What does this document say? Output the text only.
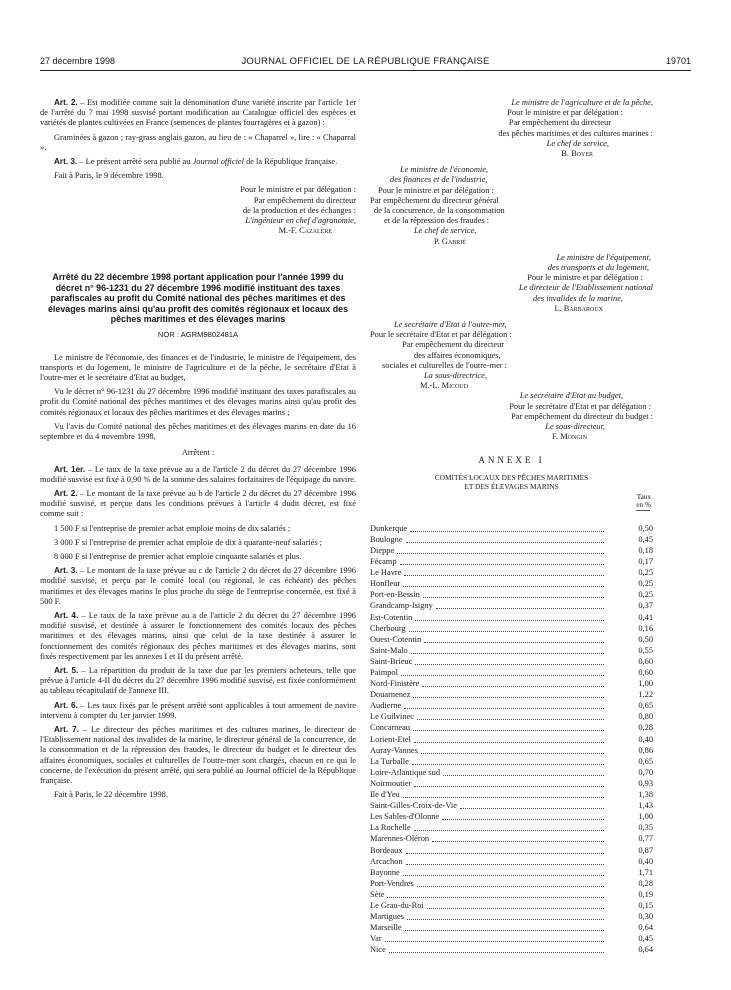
27 décembre 1998	JOURNAL OFFICIEL DE LA RÉPUBLIQUE FRANÇAISE	19701

Art. 2. – Est modifiée comme suit la dénomination d'une variété inscrite par l'article 1er de l'arrêté du 7 mai 1998 susvisé portant modification au Catalogue officiel des espèces et variétés de plantes cultivées en France (semences de plantes fourragères et à gazon) :

Graminées à gazon ; ray-grass anglais gazon, au lieu de : « Chaparrel », lire : « Chaparral ».

Art. 3. – Le présent arrêté sera publié au Journal officiel de la République française.

Fait à Paris, le 9 décembre 1998.

Pour le ministre et par délégation :
Par empêchement du directeur
de la production et des échanges :
L'ingénieur en chef d'agronomie,
M.-F. Cazalère
Arrêté du 22 décembre 1998 portant application pour l'année 1999 du décret n° 96-1231 du 27 décembre 1996 modifié instituant des taxes parafiscales au profit du Comité national des pêches maritimes et des élevages marins ainsi qu'au profit des comités régionaux et locaux des pêches maritimes et des élevages marins
NOR : AGRM9802481A

Le ministre de l'économie, des finances et de l'industrie, le ministre de l'équipement, des transports et du logement, le ministre de l'agriculture et de la pêche, le secrétaire d'Etat à l'outre-mer et le secrétaire d'Etat au budget,

Vu le décret n° 96-1231 du 27 décembre 1996 modifié instituant des taxes parafiscales au profit du Comité national des pêches maritimes et des élevages marins ainsi qu'au profit des comités régionaux et locaux des pêches maritimes et des élevages marins ;

Vu l'avis du Comité national des pêches maritimes et des élevages marins en date du 16 septembre et du 4 novembre 1998,

Arrêtent :

Art. 1er. – Le taux de la taxe prévue au a de l'article 2 du décret du 27 décembre 1996 modifié susvisé est fixé à 0,90 % de la somme des salaires forfaitaires de l'équipage du navire.

Art. 2. – Le montant de la taxe prévue au b de l'article 2 du décret du 27 décembre 1996 modifié susvisé, et perçue dans les conditions prévues à l'article 4 dudit décret, est fixé comme suit :

1 500 F si l'entreprise de premier achat emploie moins de dix salariés ;

3 000 F si l'entreprise de premier achat emploie de dix à quarante-neuf salariés ;

8 000 F si l'entreprise de premier achat emploie cinquante salariés et plus.

Art. 3. – Le montant de la taxe prévue au c de l'article 2 du décret du 27 décembre 1996 modifié susvisé, et perçu par le comité local (ou régional, le cas échéant) des pêches maritimes et des élevages marins le plus proche du siège de l'entreprise concernée, est fixé à 500 F.

Art. 4. – Le taux de la taxe prévue au a de l'article 2 du décret du 27 décembre 1996 modifié susvisé, et destinée à assurer le fonctionnement des comités locaux des pêches maritimes et des élevages marins, ainsi que celui de la taxe destinée à assurer le fonctionnement des comités régionaux des pêches maritimes et des élevages marins, sont fixés respectivement par les annexes I et II du présent arrêté.

Art. 5. – La répartition du produit de la taxe due par les premiers acheteurs, telle que prévue à l'article 4-II du décret du 27 décembre 1996 modifié susvisé, est fixée conformément au tableau récapitulatif de l'annexe III.

Art. 6. – Les taux fixés par le présent arrêté sont applicables à tout armement de navire intervenu à compter du 1er janvier 1999.

Art. 7. – Le directeur des pêches maritimes et des cultures marines, le directeur de l'Etablissement national des invalides de la marine, le directeur général de la concurrence, de la consommation et de la répression des fraudes, le directeur du budget et le directeur des affaires économiques, sociales et culturelles de l'outre-mer sont chargés, chacun en ce qui le concerne, de l'exécution du présent arrêté, qui sera publié au Journal officiel de la République française.

Fait à Paris, le 22 décembre 1998.

Le ministre de l'agriculture et de la pêche,
Pour le ministre et par délégation :
Par empêchement du directeur
des pêches maritimes et des cultures marines :
Le chef de service,
B. Boyer
Le ministre de l'économie,
des finances et de l'industrie,
Pour le ministre et par délégation :
Par empêchement du directeur général
de la concurrence, de la consommation
et de la répression des fraudes :
Le chef de service,
P. Gabrié
Le ministre de l'équipement,
des transports et du logement,
Pour le ministre et par délégation :
Le directeur de l'Etablissement national
des invalides de la marine,
L. Barbaroux
Le secrétaire d'Etat à l'outre-mer,
Pour le secrétaire d'Etat et par délégation :
Par empêchement du directeur
des affaires économiques,
sociales et culturelles de l'outre-mer :
La sous-directrice,
M.-L. Micoud
Le secrétaire d'Etat au budget,
Pour le secrétaire d'Etat et par délégation :
Par empêchement du directeur du budget :
Le sous-directeur,
F. Mongin
ANNEXE I
COMITÉS LOCAUX DES PÊCHES MARITIMES
ET DES ÉLEVAGES MARINS
Taux
en %
Dunkerque	0,50
Boulogne	0,45
Dieppe	0,18
Fécamp	0,17
Le Havre	0,25
Honfleur	0,25
Port-en-Bessin	0,25
Grandcamp-Isigny	0,37
Est-Cotentin	0,41
Cherbourg	0,16
Ouest-Cotentin	0,50
Saint-Malo	0,55
Saint-Brieuc	0,60
Paimpol	0,60
Nord-Finistère	1,00
Douarnenez	1,22
Audierne	0,65
Le Guilvinec	0,80
Concarneau	0,28
Lorient-Etel	0,40
Auray-Vannes	0,86
La Turballe	0,65
Loire-Atlantique sud	0,70
Noirmoutier	0,93
Ile d'Yeu	1,38
Saint-Gilles-Croix-de-Vie	1,43
Les Sables-d'Olonne	1,00
La Rochelle	0,35
Marennes-Oléron	0,77
Bordeaux	0,87
Arcachon	0,40
Bayonne	1,71
Port-Vendres	0,28
Sète	0,19
Le Grau-du-Roi	0,15
Martigues	0,30
Marseille	0,64
Var	0,45
Nice	0,64
